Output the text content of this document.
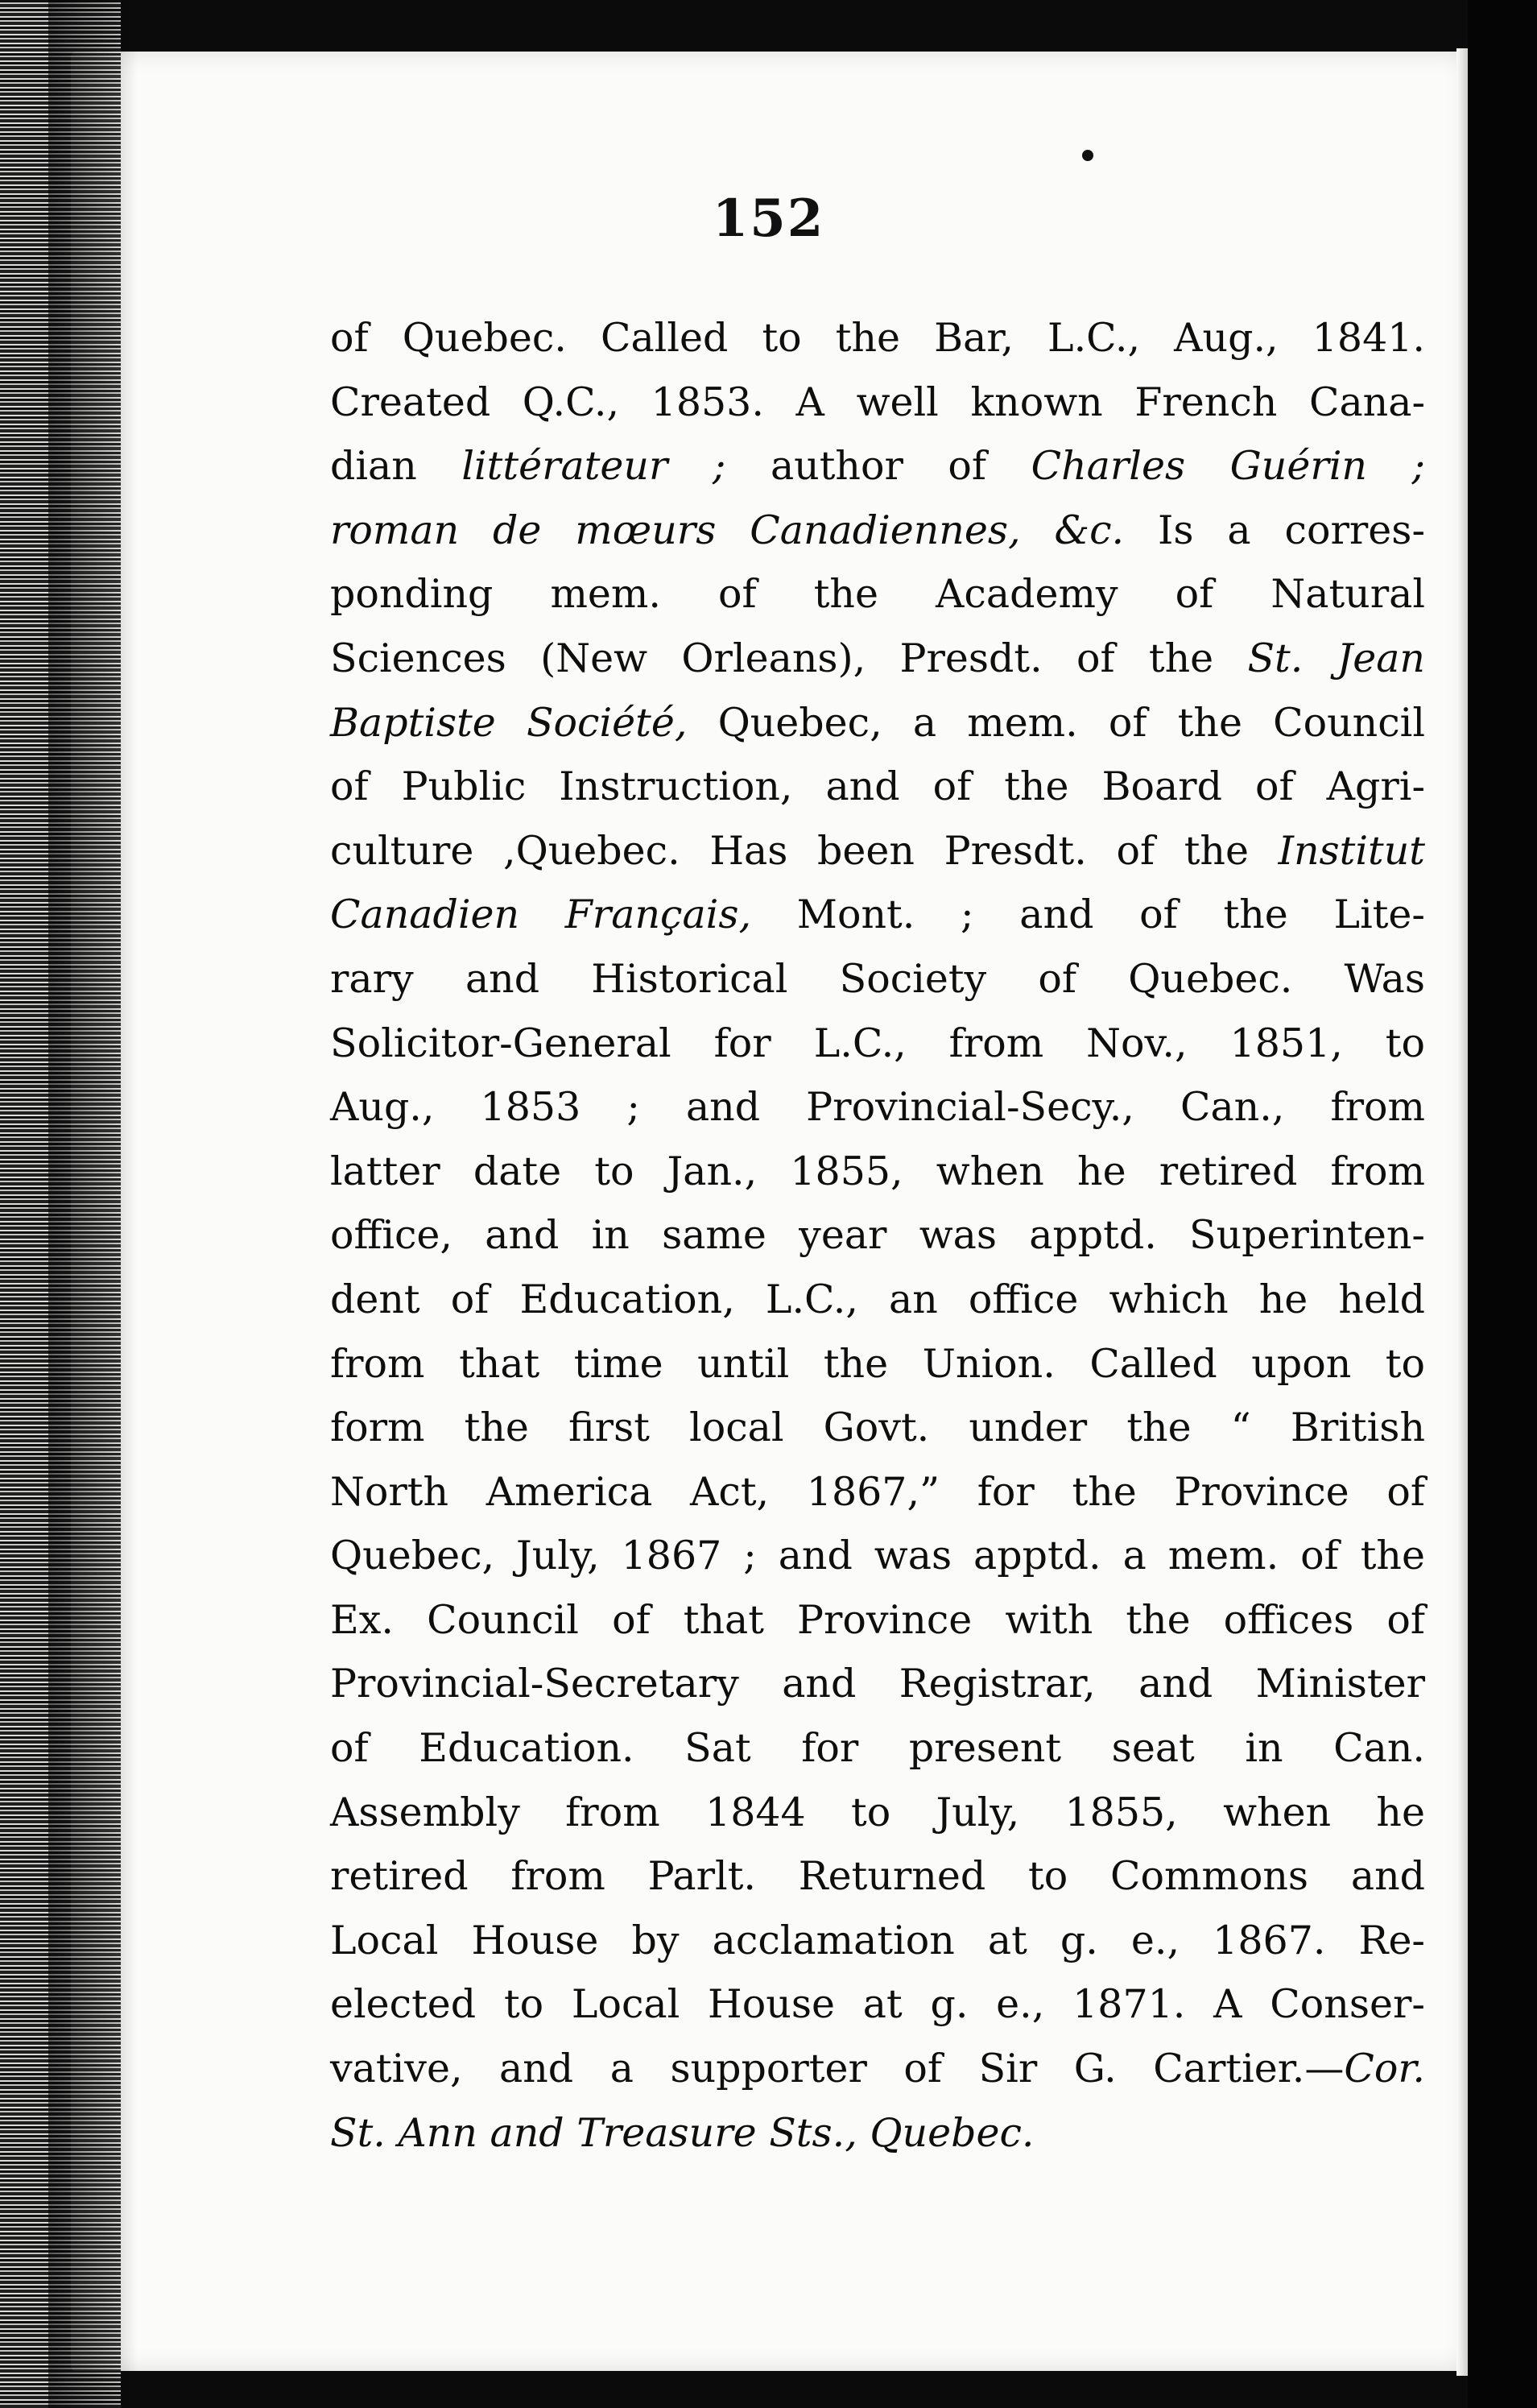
152
of Quebec. Called to the Bar, L.C., Aug., 1841.
Created Q.C., 1853. A well known French Cana-
dian littérateur ; author of Charles Guérin ;
roman de mœurs Canadiennes, &c. Is a corres-
ponding mem. of the Academy of Natural
Sciences (New Orleans), Presdt. of the St. Jean
Baptiste Société, Quebec, a mem. of the Council
of Public Instruction, and of the Board of Agri-
culture ,Quebec. Has been Presdt. of the Institut
Canadien Français, Mont. ; and of the Lite-
rary and Historical Society of Quebec. Was
Solicitor-General for L.C., from Nov., 1851, to
Aug., 1853 ; and Provincial-Secy., Can., from
latter date to Jan., 1855, when he retired from
office, and in same year was apptd. Superinten-
dent of Education, L.C., an office which he held
from that time until the Union. Called upon to
form the first local Govt. under the “ British
North America Act, 1867,” for the Province of
Quebec, July, 1867 ; and was apptd. a mem. of the
Ex. Council of that Province with the offices of
Provincial-Secretary and Registrar, and Minister
of Education. Sat for present seat in Can.
Assembly from 1844 to July, 1855, when he
retired from Parlt. Returned to Commons and
Local House by acclamation at g. e., 1867. Re-
elected to Local House at g. e., 1871. A Conser-
vative, and a supporter of Sir G. Cartier.—Cor.
St. Ann and Treasure Sts., Quebec.
